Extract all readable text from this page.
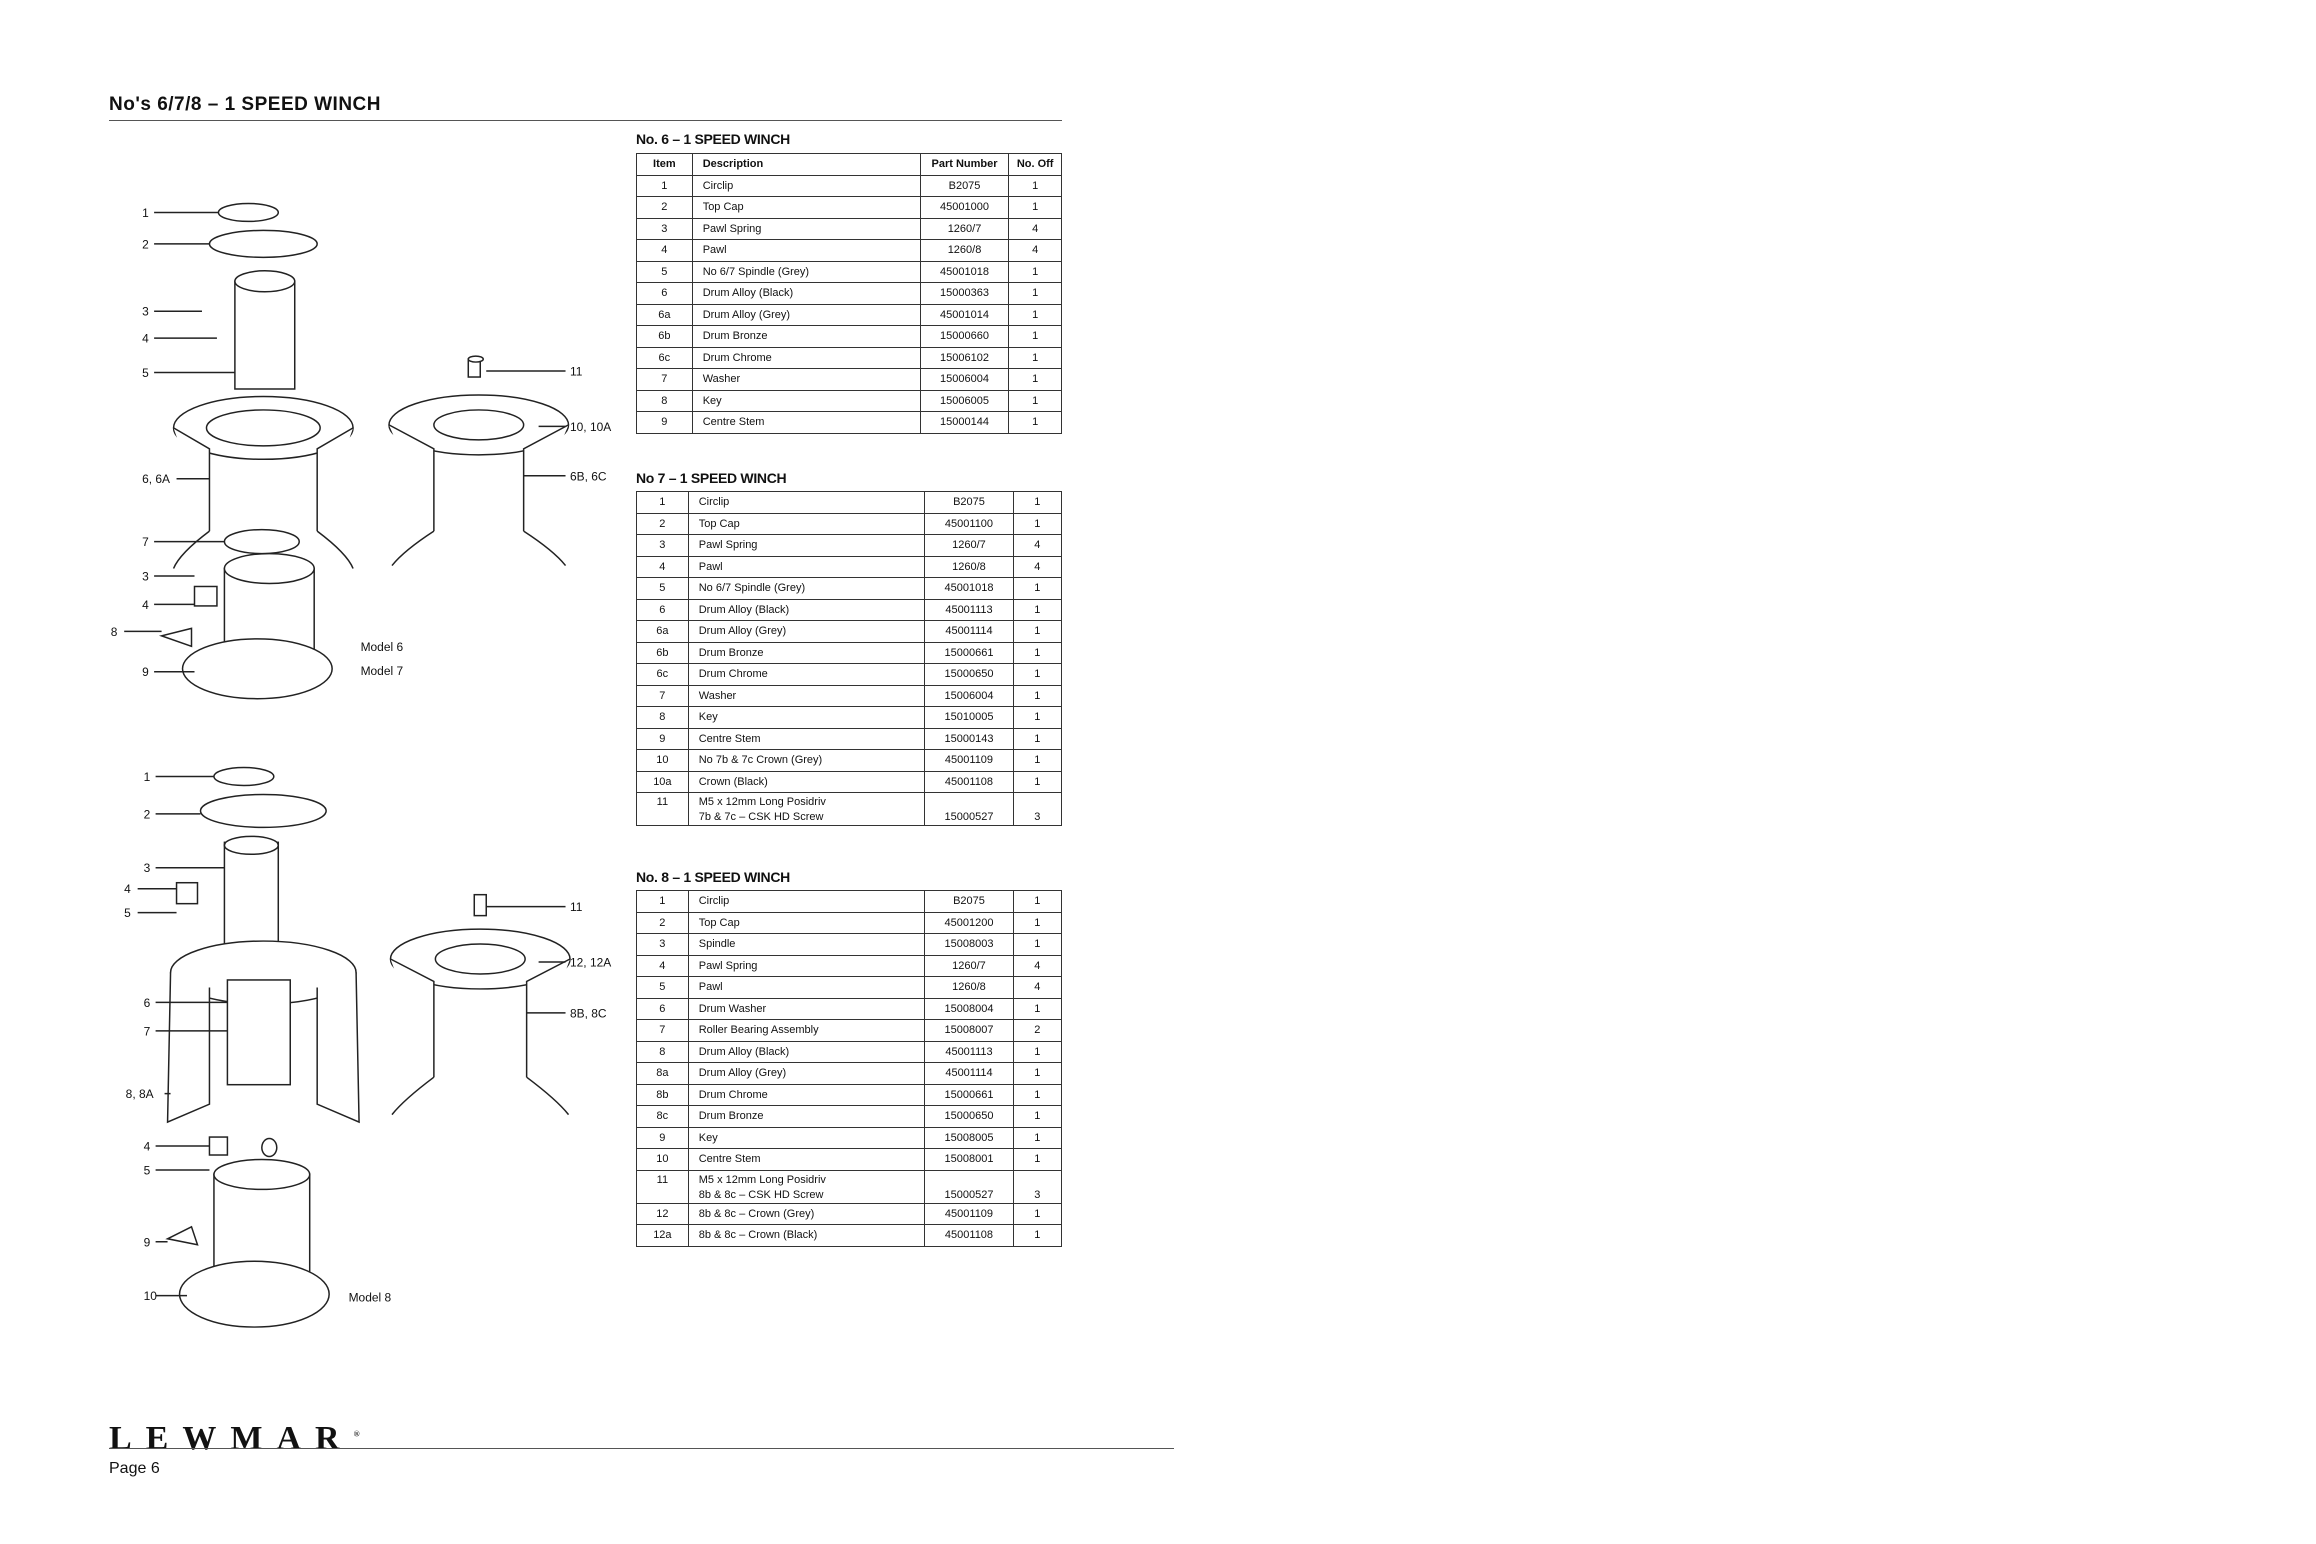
No's 6/7/8 – 1 SPEED WINCH
1
2
3
4
5
6, 6A
7
3
4
8
9
11
10, 10A
6B, 6C
Model 6
Model 7
1
2
3
4
5
6
7
8, 8A
4
5
9
10
11
12, 12A
8B, 8C
Model 8
No. 6 – 1 SPEED WINCH
Item	Description	Part Number	No. Off
1	Circlip	B2075	1
2	Top Cap	45001000	1
3	Pawl Spring	1260/7	4
4	Pawl	1260/8	4
5	No 6/7 Spindle (Grey)	45001018	1
6	Drum Alloy (Black)	15000363	1
6a	Drum Alloy (Grey)	45001014	1
6b	Drum Bronze	15000660	1
6c	Drum Chrome	15006102	1
7	Washer	15006004	1
8	Key	15006005	1
9	Centre Stem	15000144	1
No 7 – 1 SPEED WINCH
1	Circlip	B2075	1
2	Top Cap	45001100	1
3	Pawl Spring	1260/7	4
4	Pawl	1260/8	4
5	No 6/7 Spindle (Grey)	45001018	1
6	Drum Alloy (Black)	45001113	1
6a	Drum Alloy (Grey)	45001114	1
6b	Drum Bronze	15000661	1
6c	Drum Chrome	15000650	1
7	Washer	15006004	1
8	Key	15010005	1
9	Centre Stem	15000143	1
10	No 7b & 7c Crown (Grey)	45001109	1
10a	Crown (Black)	45001108	1
11	M5 x 12mm Long Posidriv
7b & 7c – CSK HD Screw	15000527	3
No. 8 – 1 SPEED WINCH
1	Circlip	B2075	1
2	Top Cap	45001200	1
3	Spindle	15008003	1
4	Pawl Spring	1260/7	4
5	Pawl	1260/8	4
6	Drum Washer	15008004	1
7	Roller Bearing Assembly	15008007	2
8	Drum Alloy (Black)	45001113	1
8a	Drum Alloy (Grey)	45001114	1
8b	Drum Chrome	15000661	1
8c	Drum Bronze	15000650	1
9	Key	15008005	1
10	Centre Stem	15008001	1
11	M5 x 12mm Long Posidriv
8b & 8c – CSK HD Screw	15000527	3
12	8b & 8c – Crown (Grey)	45001109	1
12a	8b & 8c – Crown (Black)	45001108	1
LEWMAR®
Page 6
